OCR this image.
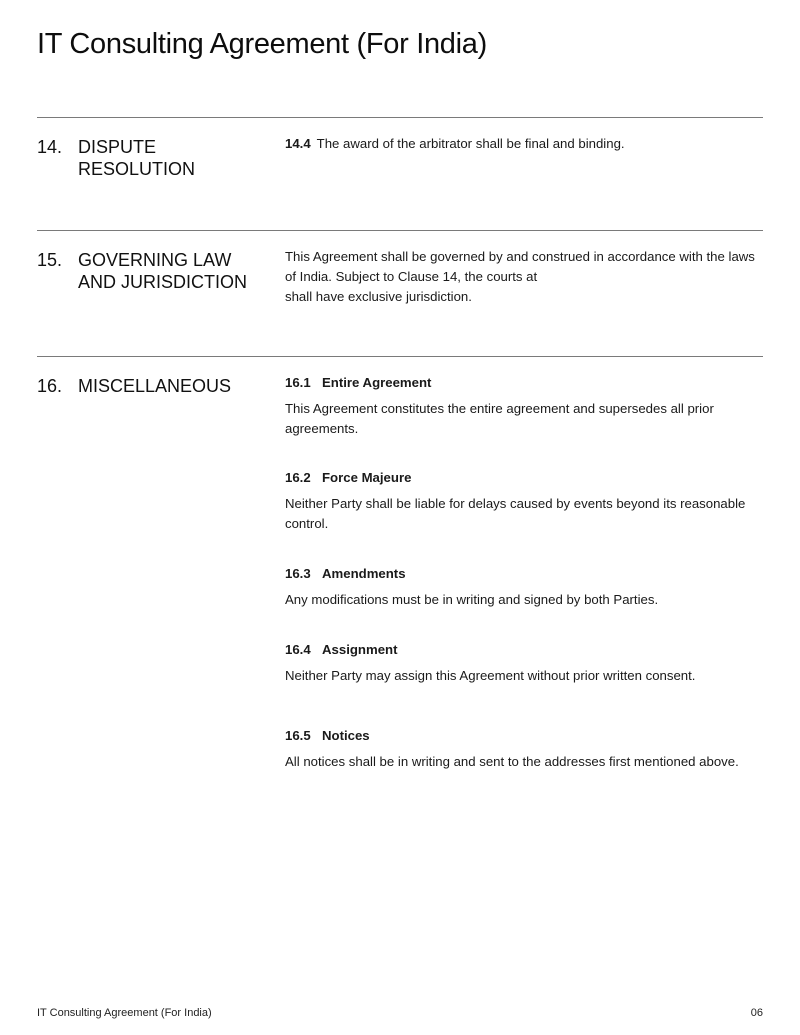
IT Consulting Agreement (For India)
14. DISPUTE
RESOLUTION

14.4 The award of the arbitrator shall be final and binding.

15. GOVERNING LAW
AND JURISDICTION

This Agreement shall be governed by and construed in accordance with the laws

of India. Subject to Clause 14, the courts at

shall have exclusive jurisdiction.

16. MISCELLANEOUS	16.1 Entire Agreement

This Agreement constitutes the entire agreement and supersedes all prior agreements.

16.2 Force Majeure

Neither Party shall be liable for delays caused by events beyond its reasonable control.

16.3 Amendments

Any modifications must be in writing and signed by both Parties.

16.4 Assignment

Neither Party may assign this Agreement without prior written consent.

16.5 Notices

All notices shall be in writing and sent to the addresses first mentioned above.

IT Consulting Agreement (For India)	06
